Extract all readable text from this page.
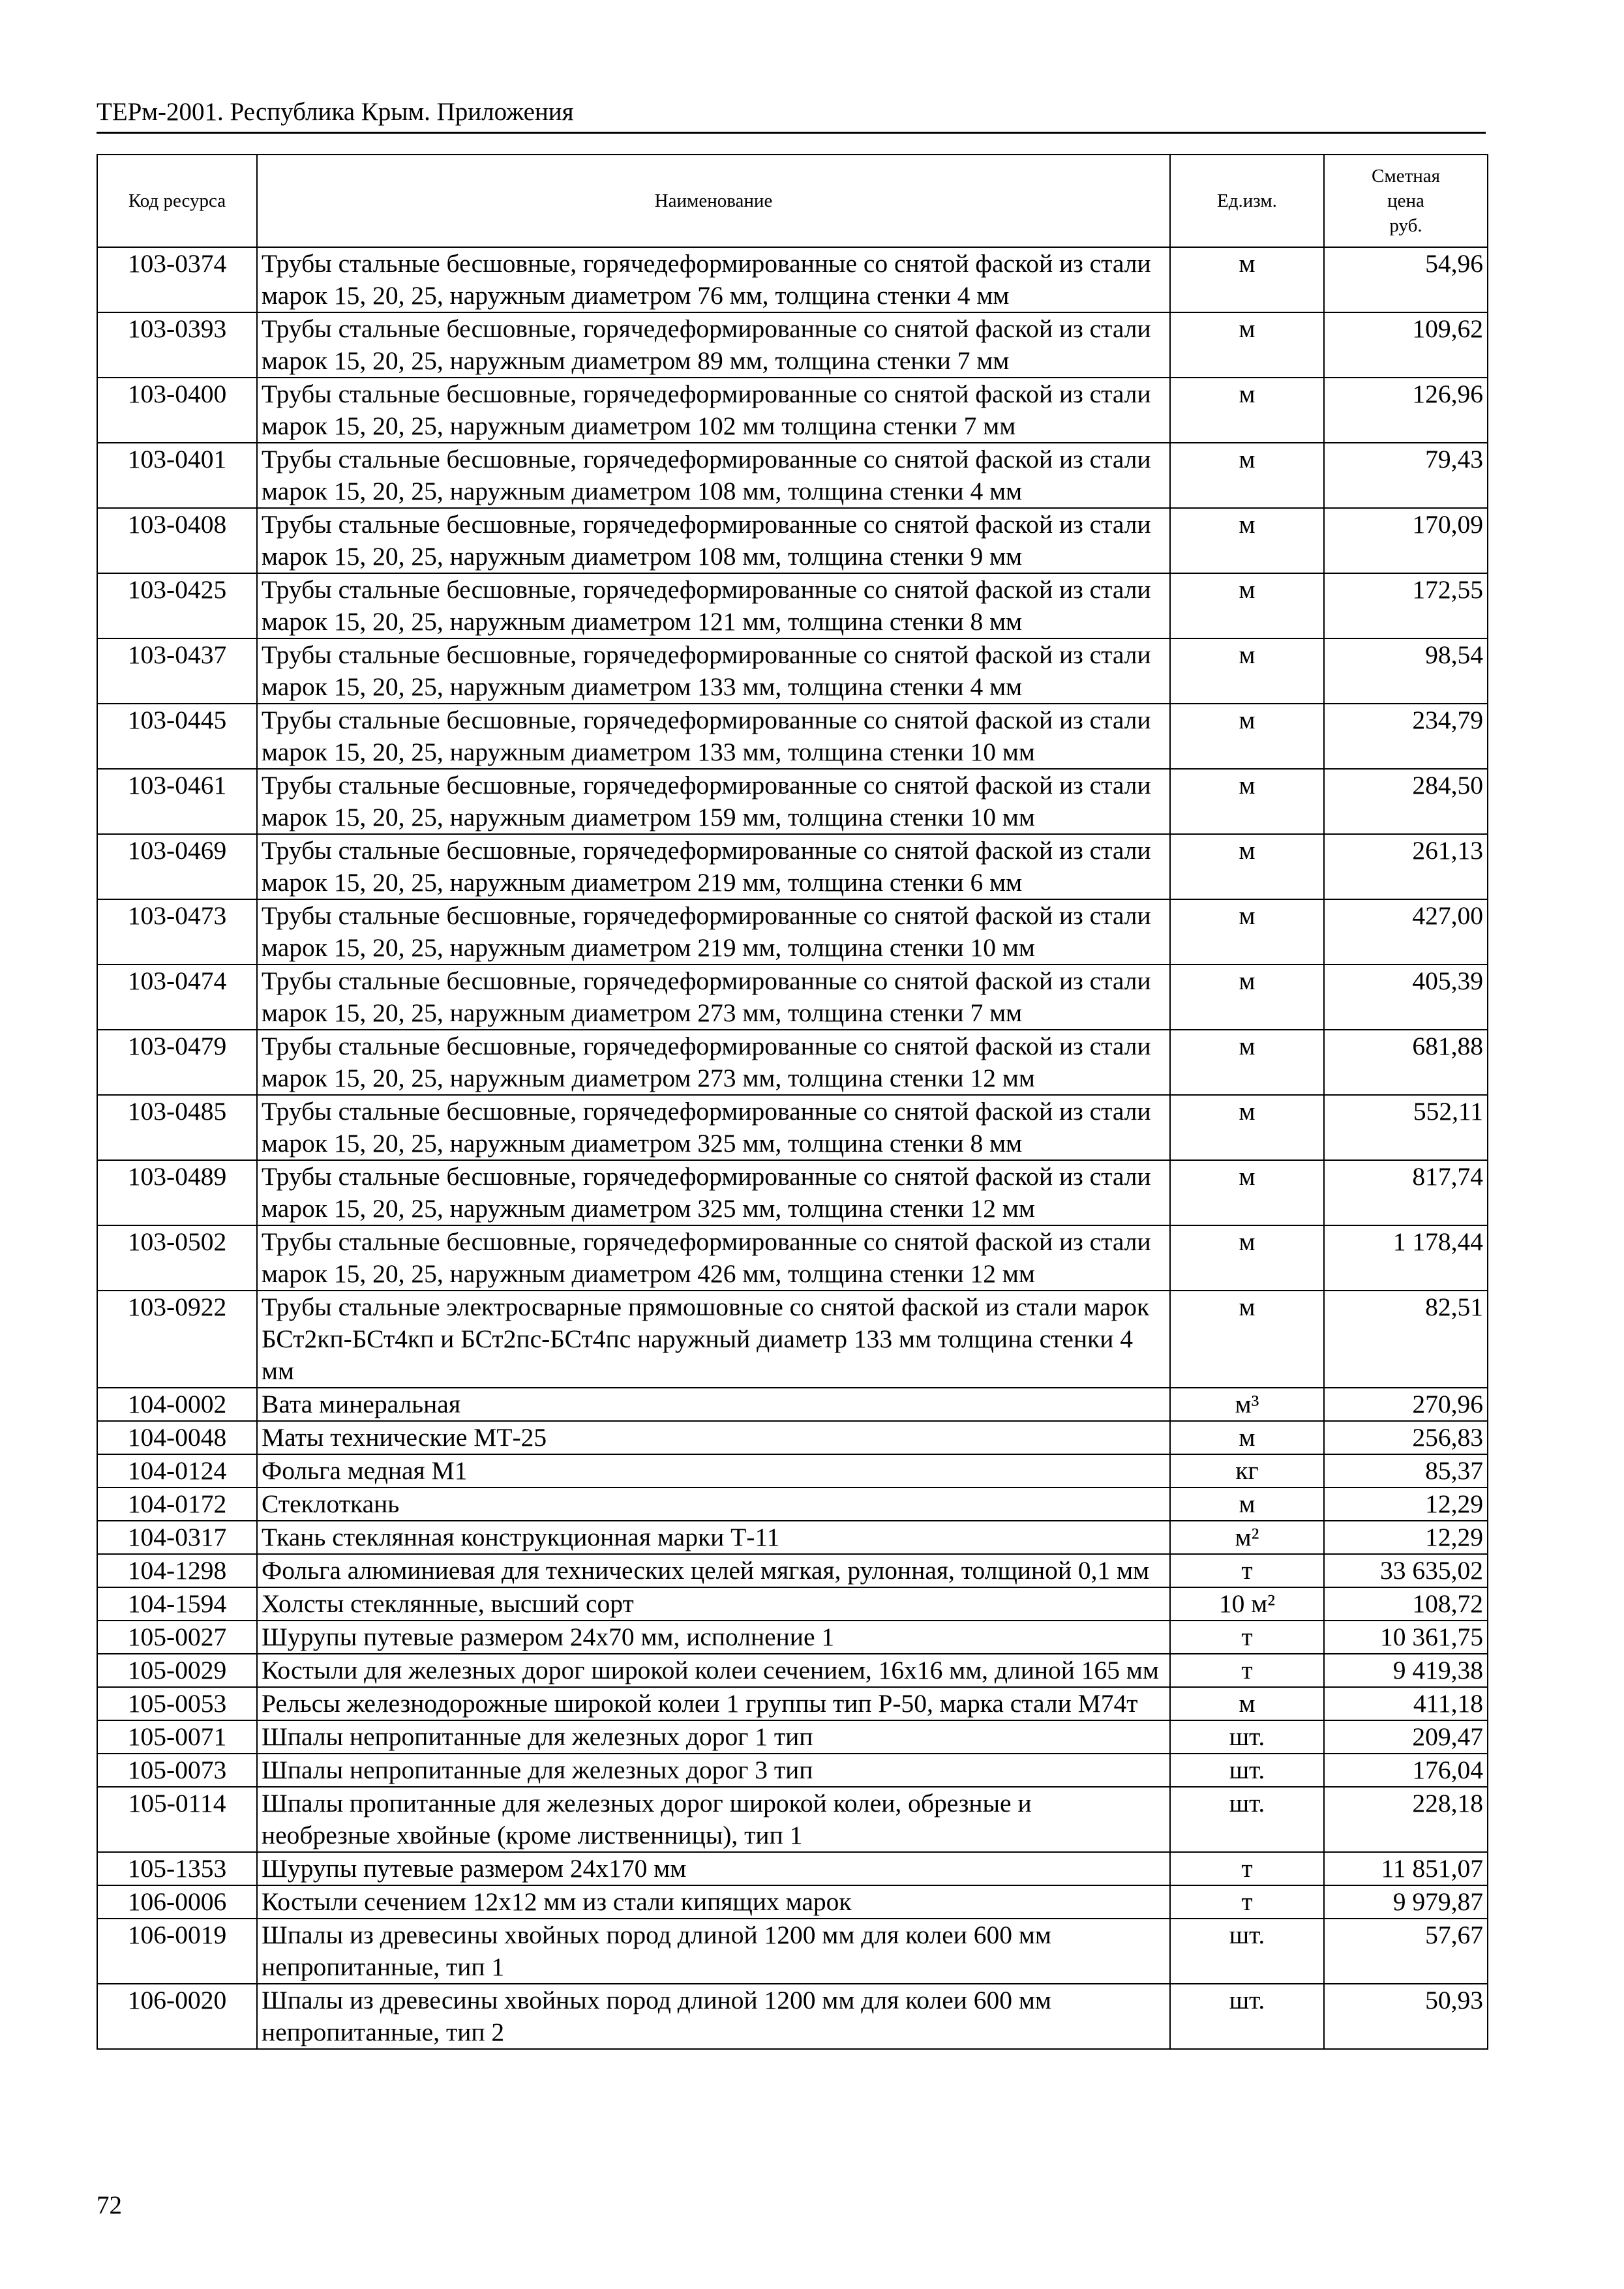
ТЕРм-2001. Республика Крым. Приложения
Код ресурса	Наименование	Ед.изм.	Сметная
цена
руб.

103-0374	Трубы стальные бесшовные, горячедеформированные со снятой фаской из стали марок 15, 20, 25, наружным диаметром 76 мм, толщина стенки 4 мм	м	54,96
103-0393	Трубы стальные бесшовные, горячедеформированные со снятой фаской из стали марок 15, 20, 25, наружным диаметром 89 мм, толщина стенки 7 мм	м	109,62
103-0400	Трубы стальные бесшовные, горячедеформированные со снятой фаской из стали марок 15, 20, 25, наружным диаметром 102 мм толщина стенки 7 мм	м	126,96
103-0401	Трубы стальные бесшовные, горячедеформированные со снятой фаской из стали марок 15, 20, 25, наружным диаметром 108 мм, толщина стенки 4 мм	м	79,43
103-0408	Трубы стальные бесшовные, горячедеформированные со снятой фаской из стали марок 15, 20, 25, наружным диаметром 108 мм, толщина стенки 9 мм	м	170,09
103-0425	Трубы стальные бесшовные, горячедеформированные со снятой фаской из стали марок 15, 20, 25, наружным диаметром 121 мм, толщина стенки 8 мм	м	172,55
103-0437	Трубы стальные бесшовные, горячедеформированные со снятой фаской из стали марок 15, 20, 25, наружным диаметром 133 мм, толщина стенки 4 мм	м	98,54
103-0445	Трубы стальные бесшовные, горячедеформированные со снятой фаской из стали марок 15, 20, 25, наружным диаметром 133 мм, толщина стенки 10 мм	м	234,79
103-0461	Трубы стальные бесшовные, горячедеформированные со снятой фаской из стали марок 15, 20, 25, наружным диаметром 159 мм, толщина стенки 10 мм	м	284,50
103-0469	Трубы стальные бесшовные, горячедеформированные со снятой фаской из стали марок 15, 20, 25, наружным диаметром 219 мм, толщина стенки 6 мм	м	261,13
103-0473	Трубы стальные бесшовные, горячедеформированные со снятой фаской из стали марок 15, 20, 25, наружным диаметром 219 мм, толщина стенки 10 мм	м	427,00
103-0474	Трубы стальные бесшовные, горячедеформированные со снятой фаской из стали марок 15, 20, 25, наружным диаметром 273 мм, толщина стенки 7 мм	м	405,39
103-0479	Трубы стальные бесшовные, горячедеформированные со снятой фаской из стали марок 15, 20, 25, наружным диаметром 273 мм, толщина стенки 12 мм	м	681,88
103-0485	Трубы стальные бесшовные, горячедеформированные со снятой фаской из стали марок 15, 20, 25, наружным диаметром 325 мм, толщина стенки 8 мм	м	552,11
103-0489	Трубы стальные бесшовные, горячедеформированные со снятой фаской из стали марок 15, 20, 25, наружным диаметром 325 мм, толщина стенки 12 мм	м	817,74
103-0502	Трубы стальные бесшовные, горячедеформированные со снятой фаской из стали марок 15, 20, 25, наружным диаметром 426 мм, толщина стенки 12 мм	м	1 178,44
103-0922	Трубы стальные электросварные прямошовные со снятой фаской из стали марок БСт2кп-БСт4кп и БСт2пс-БСт4пс наружный диаметр 133 мм толщина стенки 4 мм	м	82,51
104-0002	Вата минеральная	м³	270,96
104-0048	Маты технические МТ-25	м	256,83
104-0124	Фольга медная М1	кг	85,37
104-0172	Стеклоткань	м	12,29
104-0317	Ткань стеклянная конструкционная марки Т-11	м²	12,29
104-1298	Фольга алюминиевая для технических целей мягкая, рулонная, толщиной 0,1 мм	т	33 635,02
104-1594	Холсты стеклянные, высший сорт	10 м²	108,72
105-0027	Шурупы путевые размером 24х70 мм, исполнение 1	т	10 361,75
105-0029	Костыли для железных дорог широкой колеи сечением, 16х16 мм, длиной 165 мм	т	9 419,38
105-0053	Рельсы железнодорожные широкой колеи 1 группы тип Р-50, марка стали М74т	м	411,18
105-0071	Шпалы непропитанные для железных дорог 1 тип	шт.	209,47
105-0073	Шпалы непропитанные для железных дорог 3 тип	шт.	176,04
105-0114	Шпалы пропитанные для железных дорог широкой колеи, обрезные и необрезные хвойные (кроме лиственницы), тип 1	шт.	228,18
105-1353	Шурупы путевые размером 24х170 мм	т	11 851,07
106-0006	Костыли сечением 12х12 мм из стали кипящих марок	т	9 979,87
106-0019	Шпалы из древесины хвойных пород длиной 1200 мм для колеи 600 мм непропитанные, тип 1	шт.	57,67
106-0020	Шпалы из древесины хвойных пород длиной 1200 мм для колеи 600 мм непропитанные, тип 2	шт.	50,93
72
